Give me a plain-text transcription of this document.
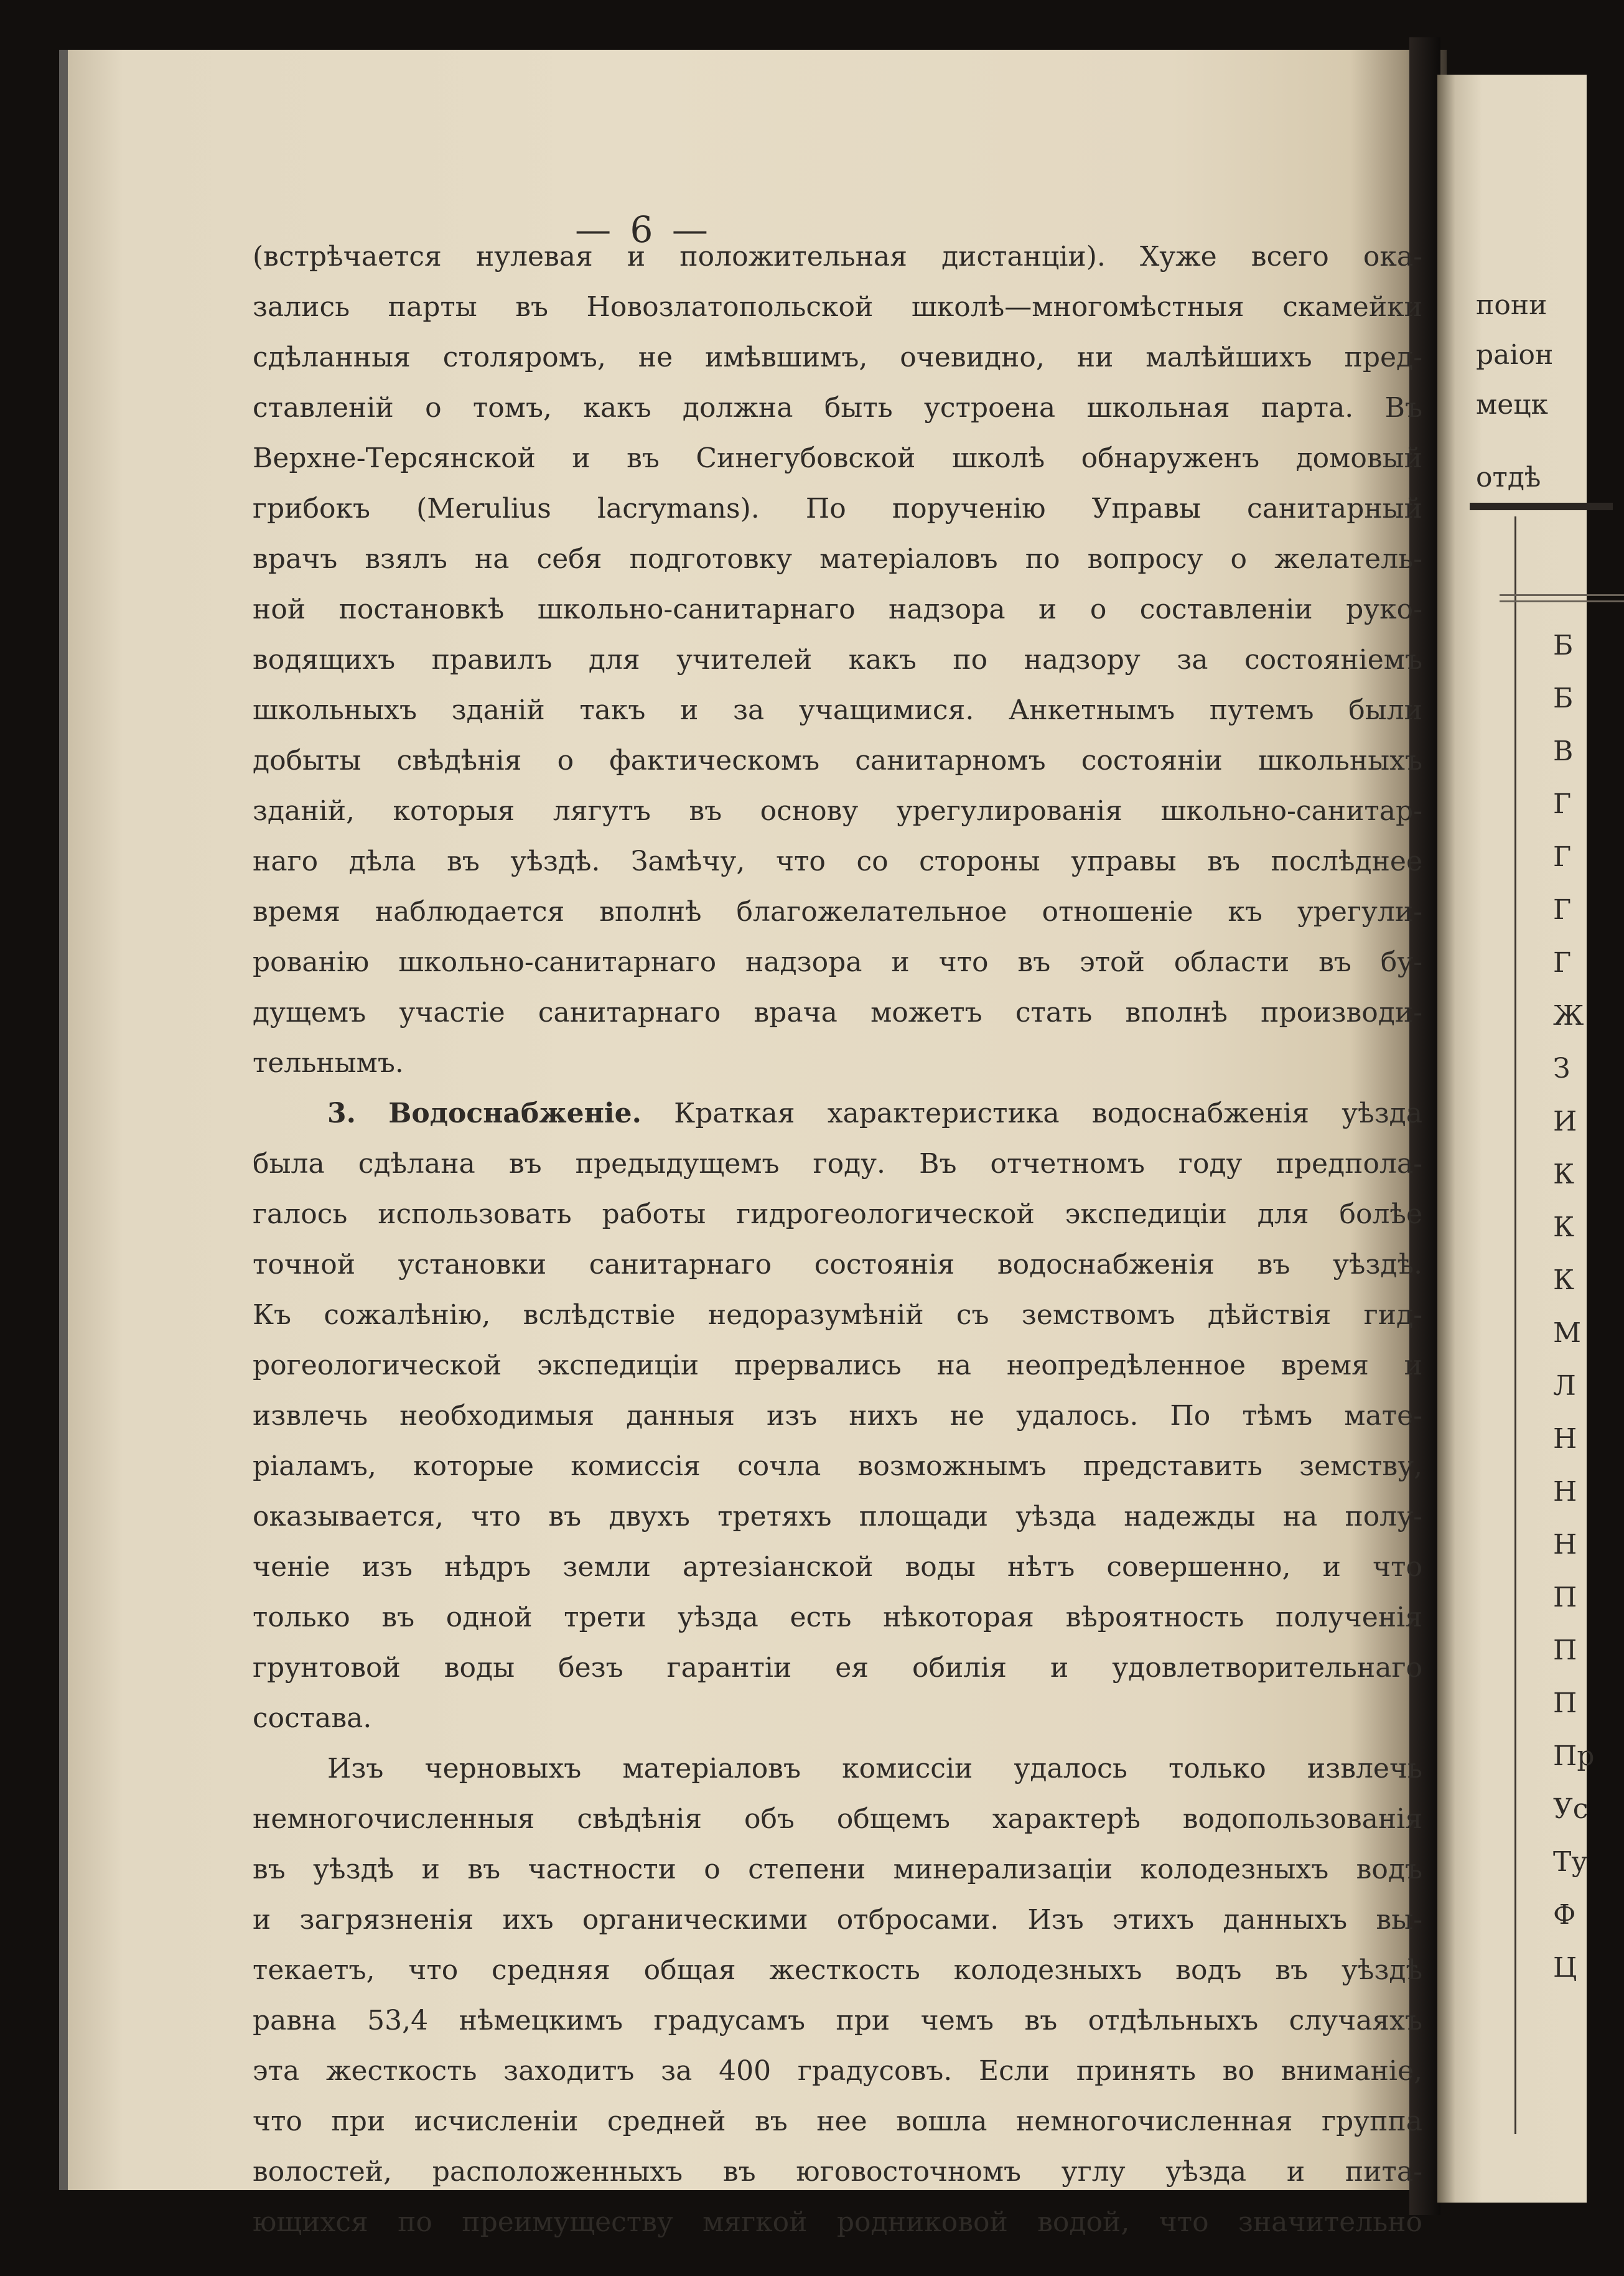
— 6 —
(встрѣчается нулевая и положительная дистанціи). Хуже всего ока-
зались парты въ Новозлатопольской школѣ—многомѣстныя скамейки
сдѣланныя столяромъ, не имѣвшимъ, очевидно, ни малѣйшихъ пред-
ставленій о томъ, какъ должна быть устроена школьная парта. Въ
Верхне-Терсянской и въ Синегубовской школѣ обнаруженъ домовый
грибокъ (Merulius lacrymans). По порученію Управы санитарный
врачъ взялъ на себя подготовку матеріаловъ по вопросу о желатель-
ной постановкѣ школьно-санитарнаго надзора и о составленіи руко-
водящихъ правилъ для учителей какъ по надзору за состояніемъ
школьныхъ зданій такъ и за учащимися. Анкетнымъ путемъ были
добыты свѣдѣнія о фактическомъ санитарномъ состояніи школьныхъ
зданій, которыя лягутъ въ основу урегулированія школьно-санитар-
наго дѣла въ уѣздѣ. Замѣчу, что со стороны управы въ послѣднее
время наблюдается вполнѣ благожелательное отношеніе къ урегули-
рованію школьно-санитарнаго надзора и что въ этой области въ бу-
дущемъ участіе санитарнаго врача можетъ стать вполнѣ производи-
тельнымъ.
3. Водоснабженіе. Краткая характеристика водоснабженія уѣзда
была сдѣлана въ предыдущемъ году. Въ отчетномъ году предпола-
галось использовать работы гидрогеологической экспедиціи для болѣе
точной установки санитарнаго состоянія водоснабженія въ уѣздѣ.
Къ сожалѣнію, вслѣдствіе недоразумѣній съ земствомъ дѣйствія гид-
рогеологической экспедиціи прервались на неопредѣленное время и
извлечь необходимыя данныя изъ нихъ не удалось. По тѣмъ мате-
ріаламъ, которые комиссія сочла возможнымъ представить земству,
оказывается, что въ двухъ третяхъ площади уѣзда надежды на полу-
ченіе изъ нѣдръ земли артезіанской воды нѣтъ совершенно, и что
только въ одной трети уѣзда есть нѣкоторая вѣроятность полученія
грунтовой воды безъ гарантіи ея обилія и удовлетворительнаго
состава.
Изъ черновыхъ матеріаловъ комиссіи удалось только извлечь
немногочисленныя свѣдѣнія объ общемъ характерѣ водопользованія
въ уѣздѣ и въ частности о степени минерализаціи колодезныхъ водъ
и загрязненія ихъ органическими отбросами. Изъ этихъ данныхъ вы-
текаетъ, что средняя общая жесткость колодезныхъ водъ въ уѣздѣ
равна 53,4 нѣмецкимъ градусамъ при чемъ въ отдѣльныхъ случаяхъ
эта жесткость заходитъ за 400 градусовъ. Если принять во вниманіе,
что при исчисленіи средней въ нее вошла немногочисленная группа
волостей, расположенныхъ въ юговосточномъ углу уѣзда и пита-
ющихся по преимуществу мягкой родниковой водой, что значительно
пони
раіон
мецк
отдѣ
Б
Б
В
Г
Г
Г
Г
Ж
З
И
К
К
К
М
Л
Н
Н
Н
П
П
П
Пр
Ус
Ту
Ф
Ц
